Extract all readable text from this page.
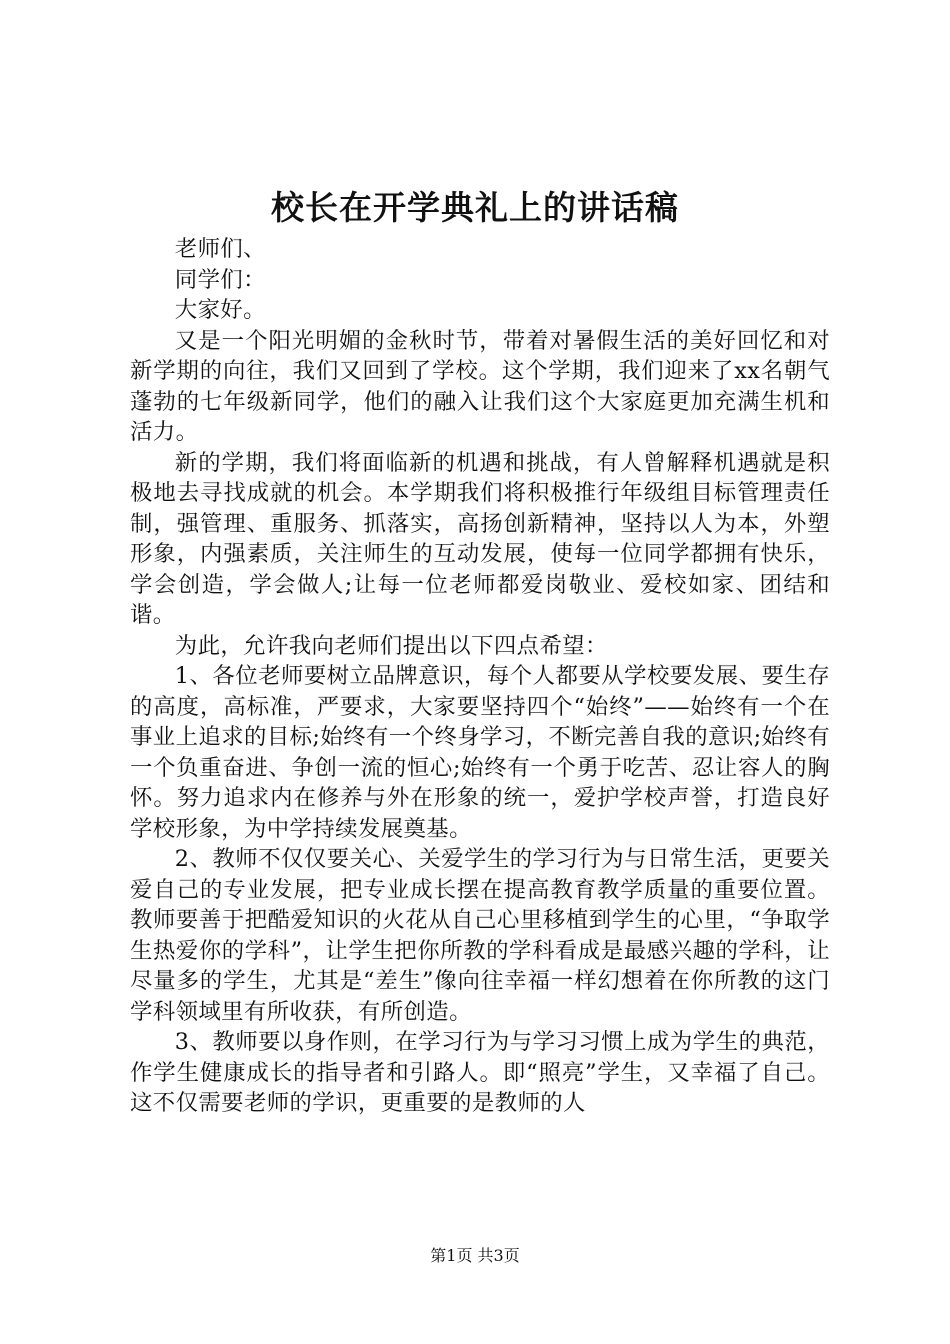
校长在开学典礼上的讲话稿

老师们、

同学们：

大家好。

又是一个阳光明媚的金秋时节，带着对暑假生活的美好回忆和对新学期的向往，我们又回到了学校。这个学期，我们迎来了xx名朝气蓬勃的七年级新同学，他们的融入让我们这个大家庭更加充满生机和活力。

新的学期，我们将面临新的机遇和挑战，有人曾解释机遇就是积极地去寻找成就的机会。本学期我们将积极推行年级组目标管理责任制，强管理、重服务、抓落实，高扬创新精神，坚持以人为本，外塑形象，内强素质，关注师生的互动发展，使每一位同学都拥有快乐，学会创造，学会做人;让每一位老师都爱岗敬业、爱校如家、团结和谐。

为此，允许我向老师们提出以下四点希望：

1、各位老师要树立品牌意识，每个人都要从学校要发展、要生存的高度，高标准，严要求，大家要坚持四个“始终”——始终有一个在事业上追求的目标;始终有一个终身学习，不断完善自我的意识;始终有一个负重奋进、争创一流的恒心;始终有一个勇于吃苦、忍让容人的胸怀。努力追求内在修养与外在形象的统一，爱护学校声誉，打造良好学校形象，为中学持续发展奠基。

2、教师不仅仅要关心、关爱学生的学习行为与日常生活，更要关爱自己的专业发展，把专业成长摆在提高教育教学质量的重要位置。教师要善于把酷爱知识的火花从自己心里移植到学生的心里，“争取学生热爱你的学科”，让学生把你所教的学科看成是最感兴趣的学科，让尽量多的学生，尤其是“差生”像向往幸福一样幻想着在你所教的这门学科领域里有所收获，有所创造。

3、教师要以身作则，在学习行为与学习习惯上成为学生的典范，作学生健康成长的指导者和引路人。即“照亮”学生，又幸福了自己。这不仅需要老师的学识，更重要的是教师的人

第1页 共3页
